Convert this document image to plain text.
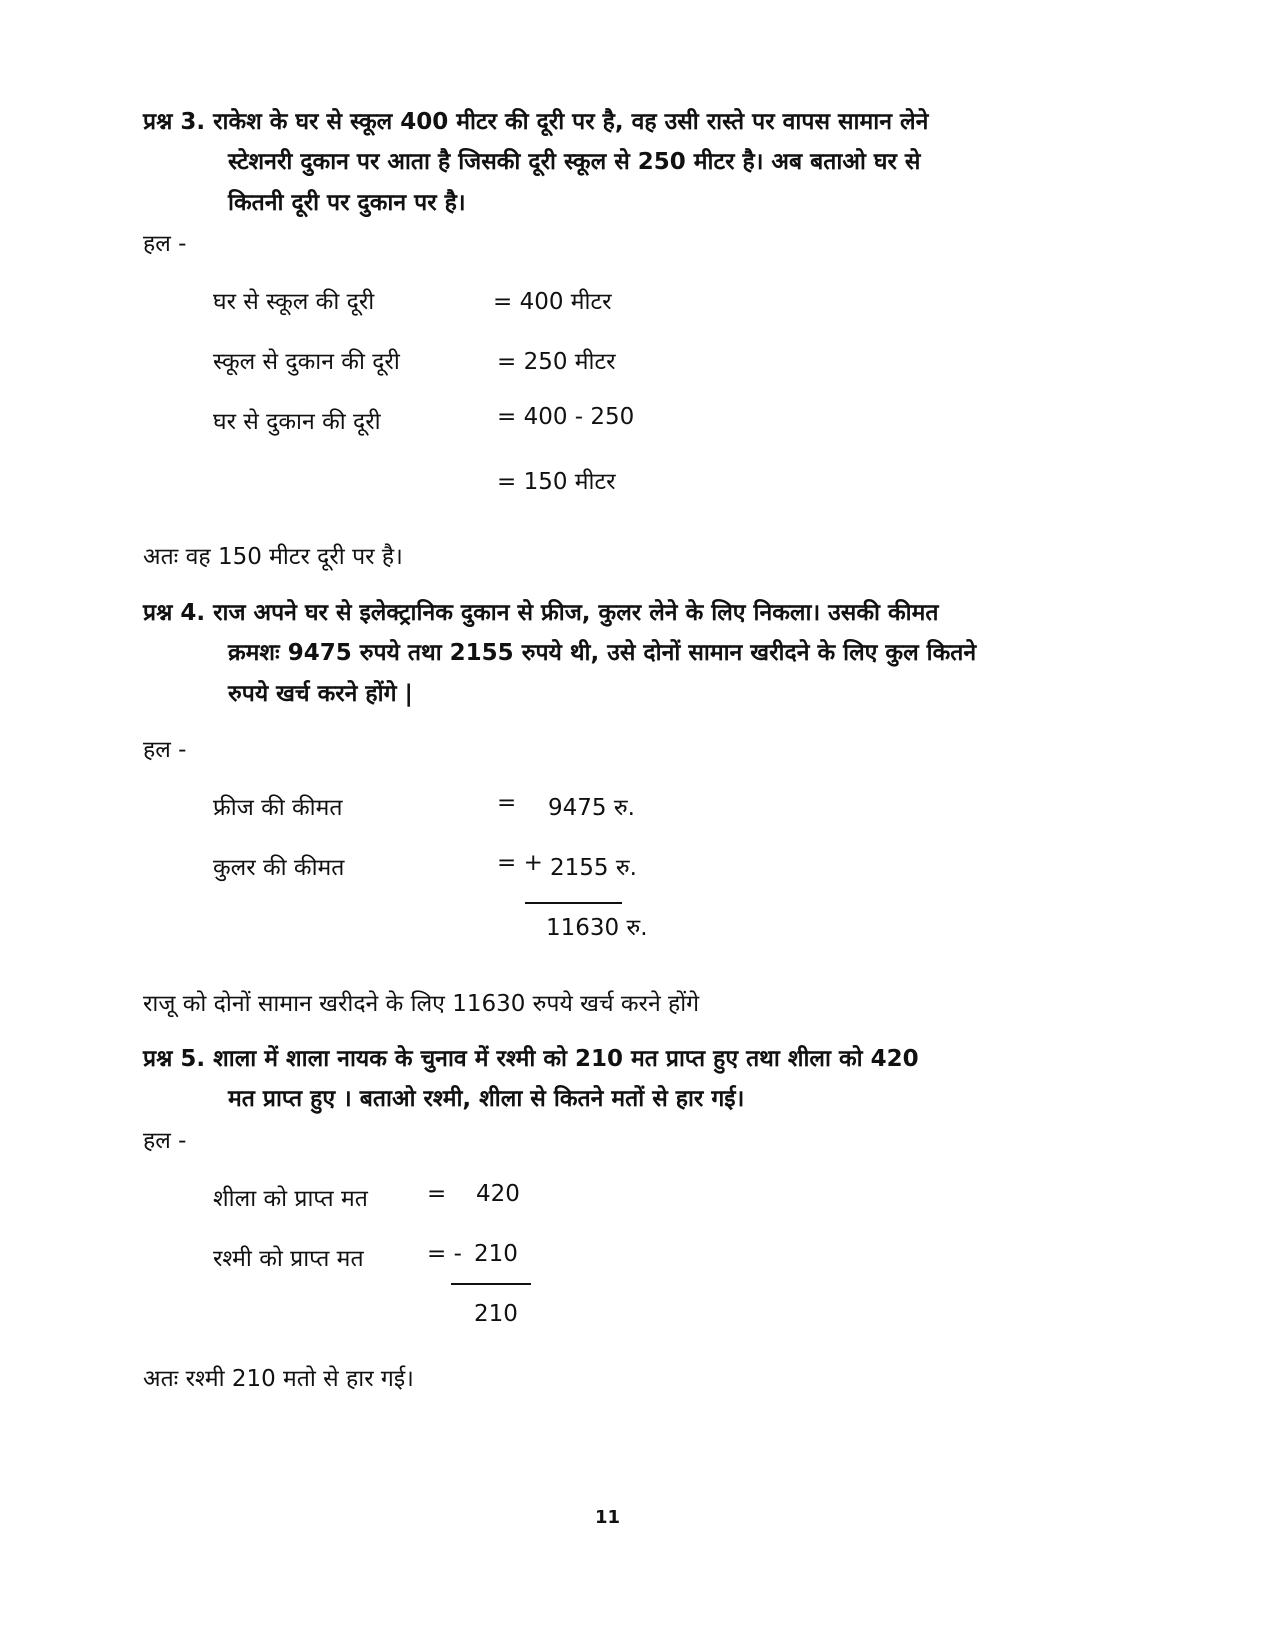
प्रश्न 3. राकेश के घर से स्कूल 400 मीटर की दूरी पर है, वह उसी रास्ते पर वापस सामान लेने
स्टेशनरी दुकान पर आता है जिसकी दूरी स्कूल से 250 मीटर है। अब बताओ घर से
कितनी दूरी पर दुकान पर है।
हल -
घर से स्कूल की दूरी	= 400 मीटर
स्कूल से दुकान की दूरी	= 250 मीटर
घर से दुकान की दूरी	= 400 - 250
= 150 मीटर
अतः वह 150 मीटर दूरी पर है।
प्रश्न 4. राज अपने घर से इलेक्ट्रानिक दुकान से फ्रीज, कुलर लेने के लिए निकला। उसकी कीमत
क्रमशः 9475 रुपये तथा 2155 रुपये थी, उसे दोनों सामान खरीदने के लिए कुल कितने
रुपये खर्च करने होंगे |
हल -
फ्रीज की कीमत	= 9475 रु.
कुलर की कीमत	= + 2155 रु.
11630 रु.
राजू को दोनों सामान खरीदने के लिए 11630 रुपये खर्च करने होंगे
प्रश्न 5. शाला में शाला नायक के चुनाव में रश्मी को 210 मत प्राप्त हुए तथा शीला को 420
मत प्राप्त हुए । बताओ रश्मी, शीला से कितने मतों से हार गई।
हल -
शीला को प्राप्त मत	= 420
रश्मी को प्राप्त मत	= - 210
210
अतः रश्मी 210 मतो से हार गई।
11
